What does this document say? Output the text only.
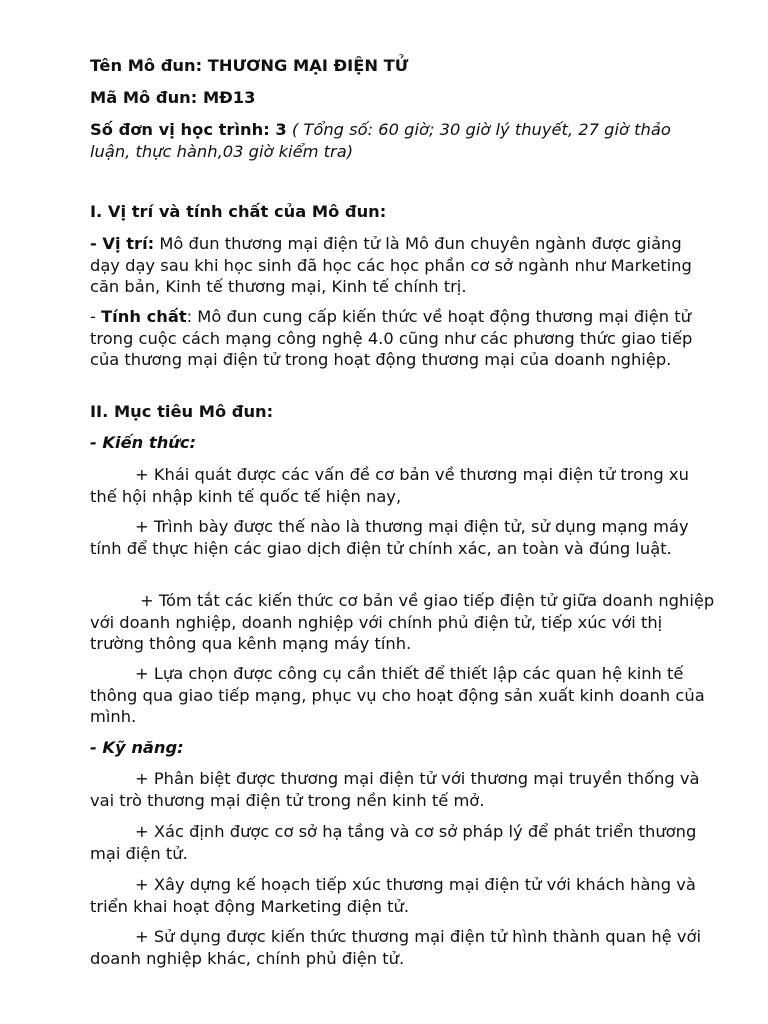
Tên Mô đun: THƯƠNG MẠI ĐIỆN TỬ

Mã Mô đun: MĐ13

Số đơn vị học trình: 3 ( Tổng số: 60 giờ; 30 giờ lý thuyết, 27 giờ thảo luận, thực hành,03 giờ kiểm tra)

I. Vị trí và tính chất của Mô đun:

- Vị trí: Mô đun thương mại điện tử là Mô đun chuyên ngành được giảng dạy dạy sau khi học sinh đã học các học phần cơ sở ngành như Marketing căn bản, Kinh tế thương mại, Kinh tế chính trị.

- Tính chất: Mô đun cung cấp kiến thức về hoạt động thương mại điện tử trong cuộc cách mạng công nghệ 4.0 cũng như các phương thức giao tiếp của thương mại điện tử trong hoạt động thương mại của doanh nghiệp.

II. Mục tiêu Mô đun:

- Kiến thức:

+ Khái quát được các vấn đề cơ bản về thương mại điện tử trong xu thế hội nhập kinh tế quốc tế hiện nay,

+ Trình bày được thế nào là thương mại điện tử, sử dụng mạng máy tính để thực hiện các giao dịch điện tử chính xác, an toàn và đúng luật.

+ Tóm tắt các kiến thức cơ bản về giao tiếp điện tử giữa doanh nghiệp với doanh nghiệp, doanh nghiệp với chính phủ điện tử, tiếp xúc với thị trường thông qua kênh mạng máy tính.

+ Lựa chọn được công cụ cần thiết để thiết lập các quan hệ kinh tế thông qua giao tiếp mạng, phục vụ cho hoạt động sản xuất kinh doanh của mình.

- Kỹ năng:

+ Phân biệt được thương mại điện tử với thương mại truyền thống và vai trò thương mại điện tử trong nền kinh tế mở.

+ Xác định được cơ sở hạ tầng và cơ sở pháp lý để phát triển thương mại điện tử.

+ Xây dựng kế hoạch tiếp xúc thương mại điện tử với khách hàng và triển khai hoạt động Marketing điện tử.

+ Sử dụng được kiến thức thương mại điện tử hình thành quan hệ với doanh nghiệp khác, chính phủ điện tử.
